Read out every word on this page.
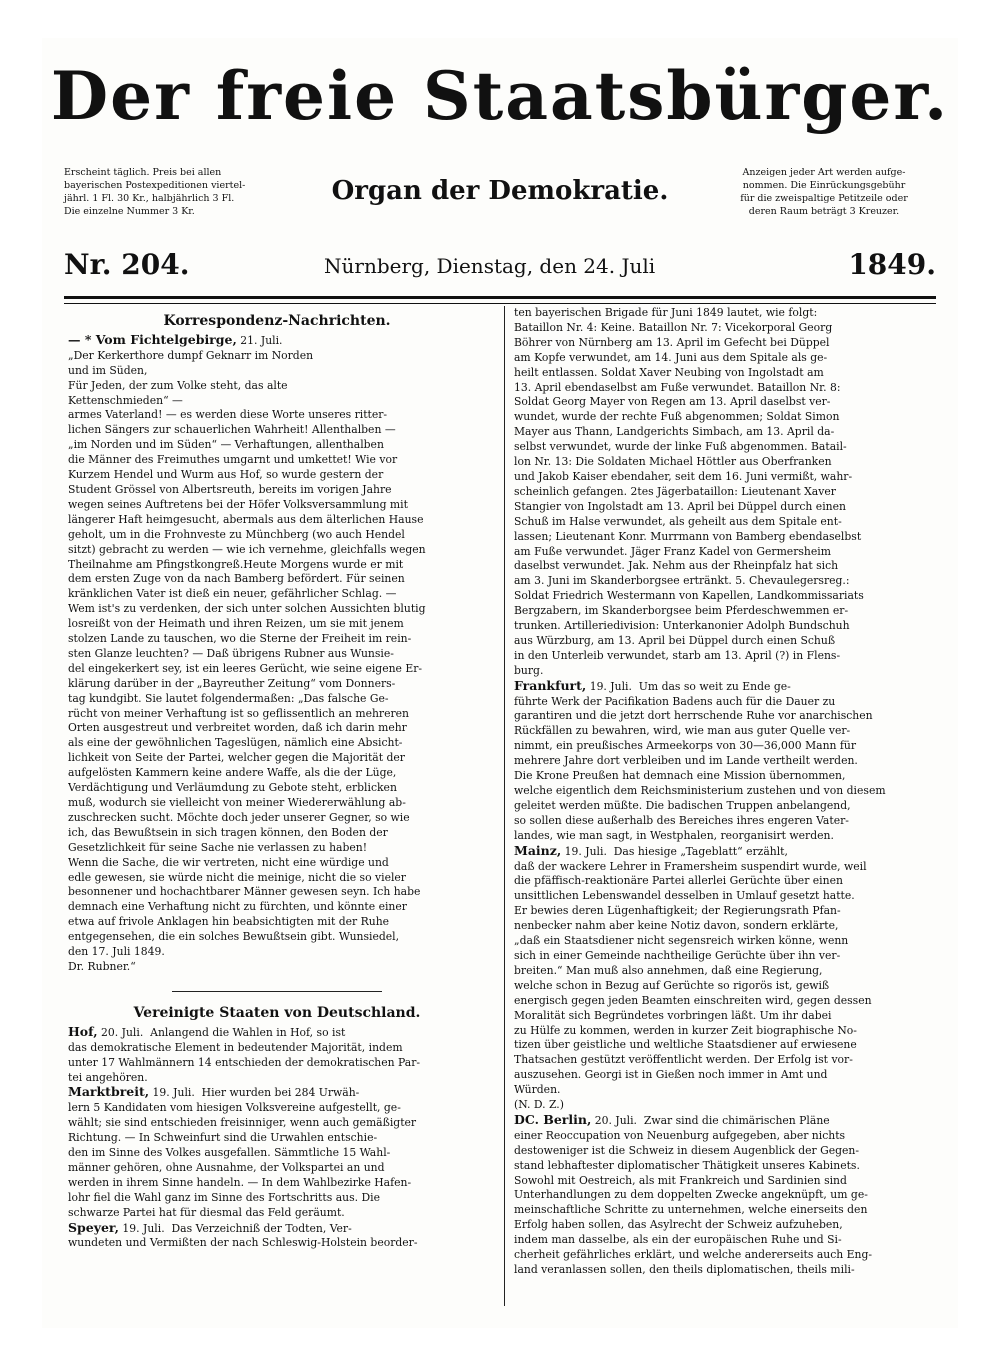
Der freie Staatsbürger.
Erscheint täglich. Preis bei allen
bayerischen Postexpeditionen viertel-
jährl. 1 Fl. 30 Kr., halbjährlich 3 Fl.
Die einzelne Nummer 3 Kr.
Organ der Demokratie.
Anzeigen jeder Art werden aufge-
nommen. Die Einrückungsgebühr
für die zweispaltige Petitzeile oder
deren Raum beträgt 3 Kreuzer.
Nr. 204.	Nürnberg, Dienstag, den 24. Juli	1849.
Korrespondenz-Nachrichten.
— * Vom Fichtelgebirge, 21. Juli.
„Der Kerkerthore dumpf Geknarr im Norden
und im Süden,
Für Jeden, der zum Volke steht, das alte
Kettenschmieden“ —
armes Vaterland! — es werden diese Worte unseres ritter-
lichen Sängers zur schauerlichen Wahrheit! Allenthalben —
„im Norden und im Süden“ — Verhaftungen, allenthalben
die Männer des Freimuthes umgarnt und umkettet! Wie vor
Kurzem Hendel und Wurm aus Hof, so wurde gestern der
Student Grössel von Albertsreuth, bereits im vorigen Jahre
wegen seines Auftretens bei der Höfer Volksversammlung mit
längerer Haft heimgesucht, abermals aus dem älterlichen Hause
geholt, um in die Frohnveste zu Münchberg (wo auch Hendel
sitzt) gebracht zu werden — wie ich vernehme, gleichfalls wegen
Theilnahme am Pfingstkongreß.Heute Morgens wurde er mit
dem ersten Zuge von da nach Bamberg befördert. Für seinen
kränklichen Vater ist dieß ein neuer, gefährlicher Schlag. —
Wem ist's zu verdenken, der sich unter solchen Aussichten blutig
losreißt von der Heimath und ihren Reizen, um sie mit jenem
stolzen Lande zu tauschen, wo die Sterne der Freiheit im rein-
sten Glanze leuchten? — Daß übrigens Rubner aus Wunsie-
del eingekerkert sey, ist ein leeres Gerücht, wie seine eigene Er-
klärung darüber in der „Bayreuther Zeitung“ vom Donners-
tag kundgibt. Sie lautet folgendermaßen: „Das falsche Ge-
rücht von meiner Verhaftung ist so geflissentlich an mehreren
Orten ausgestreut und verbreitet worden, daß ich darin mehr
als eine der gewöhnlichen Tageslügen, nämlich eine Absicht-
lichkeit von Seite der Partei, welcher gegen die Majorität der
aufgelösten Kammern keine andere Waffe, als die der Lüge,
Verdächtigung und Verläumdung zu Gebote steht, erblicken
muß, wodurch sie vielleicht von meiner Wiedererwählung ab-
zuschrecken sucht. Möchte doch jeder unserer Gegner, so wie
ich, das Bewußtsein in sich tragen können, den Boden der
Gesetzlichkeit für seine Sache nie verlassen zu haben!
Wenn die Sache, die wir vertreten, nicht eine würdige und
edle gewesen, sie würde nicht die meinige, nicht die so vieler
besonnener und hochachtbarer Männer gewesen seyn. Ich habe
demnach eine Verhaftung nicht zu fürchten, und könnte einer
etwa auf frivole Anklagen hin beabsichtigten mit der Ruhe
entgegensehen, die ein solches Bewußtsein gibt. Wunsiedel,
den 17. Juli 1849.
Dr. Rubner.“
Vereinigte Staaten von Deutschland.
Hof, 20. Juli. Anlangend die Wahlen in Hof, so ist
das demokratische Element in bedeutender Majorität, indem
unter 17 Wahlmännern 14 entschieden der demokratischen Par-
tei angehören.
Marktbreit, 19. Juli. Hier wurden bei 284 Urwäh-
lern 5 Kandidaten vom hiesigen Volksvereine aufgestellt, ge-
wählt; sie sind entschieden freisinniger, wenn auch gemäßigter
Richtung. — In Schweinfurt sind die Urwahlen entschie-
den im Sinne des Volkes ausgefallen. Sämmtliche 15 Wahl-
männer gehören, ohne Ausnahme, der Volkspartei an und
werden in ihrem Sinne handeln. — In dem Wahlbezirke Hafen-
lohr fiel die Wahl ganz im Sinne des Fortschritts aus. Die
schwarze Partei hat für diesmal das Feld geräumt.
Speyer, 19. Juli. Das Verzeichniß der Todten, Ver-
wundeten und Vermißten der nach Schleswig-Holstein beorder-
ten bayerischen Brigade für Juni 1849 lautet, wie folgt:
Bataillon Nr. 4: Keine. Bataillon Nr. 7: Vicekorporal Georg
Böhrer von Nürnberg am 13. April im Gefecht bei Düppel
am Kopfe verwundet, am 14. Juni aus dem Spitale als ge-
heilt entlassen. Soldat Xaver Neubing von Ingolstadt am
13. April ebendaselbst am Fuße verwundet. Bataillon Nr. 8:
Soldat Georg Mayer von Regen am 13. April daselbst ver-
wundet, wurde der rechte Fuß abgenommen; Soldat Simon
Mayer aus Thann, Landgerichts Simbach, am 13. April da-
selbst verwundet, wurde der linke Fuß abgenommen. Batail-
lon Nr. 13: Die Soldaten Michael Höttler aus Oberfranken
und Jakob Kaiser ebendaher, seit dem 16. Juni vermißt, wahr-
scheinlich gefangen. 2tes Jägerbataillon: Lieutenant Xaver
Stangier von Ingolstadt am 13. April bei Düppel durch einen
Schuß im Halse verwundet, als geheilt aus dem Spitale ent-
lassen; Lieutenant Konr. Murrmann von Bamberg ebendaselbst
am Fuße verwundet. Jäger Franz Kadel von Germersheim
daselbst verwundet. Jak. Nehm aus der Rheinpfalz hat sich
am 3. Juni im Skanderborgsee ertränkt. 5. Chevaulegersreg.:
Soldat Friedrich Westermann von Kapellen, Landkommissariats
Bergzabern, im Skanderborgsee beim Pferdeschwemmen er-
trunken. Artilleriedivision: Unterkanonier Adolph Bundschuh
aus Würzburg, am 13. April bei Düppel durch einen Schuß
in den Unterleib verwundet, starb am 13. April (?) in Flens-
burg.
Frankfurt, 19. Juli. Um das so weit zu Ende ge-
führte Werk der Pacifikation Badens auch für die Dauer zu
garantiren und die jetzt dort herrschende Ruhe vor anarchischen
Rückfällen zu bewahren, wird, wie man aus guter Quelle ver-
nimmt, ein preußisches Armeekorps von 30—36,000 Mann für
mehrere Jahre dort verbleiben und im Lande vertheilt werden.
Die Krone Preußen hat demnach eine Mission übernommen,
welche eigentlich dem Reichsministerium zustehen und von diesem
geleitet werden müßte. Die badischen Truppen anbelangend,
so sollen diese außerhalb des Bereiches ihres engeren Vater-
landes, wie man sagt, in Westphalen, reorganisirt werden.
Mainz, 19. Juli. Das hiesige „Tageblatt“ erzählt,
daß der wackere Lehrer in Framersheim suspendirt wurde, weil
die pfäffisch-reaktionäre Partei allerlei Gerüchte über einen
unsittlichen Lebenswandel desselben in Umlauf gesetzt hatte.
Er bewies deren Lügenhaftigkeit; der Regierungsrath Pfan-
nenbecker nahm aber keine Notiz davon, sondern erklärte,
„daß ein Staatsdiener nicht segensreich wirken könne, wenn
sich in einer Gemeinde nachtheilige Gerüchte über ihn ver-
breiten.“ Man muß also annehmen, daß eine Regierung,
welche schon in Bezug auf Gerüchte so rigorös ist, gewiß
energisch gegen jeden Beamten einschreiten wird, gegen dessen
Moralität sich Begründetes vorbringen läßt. Um ihr dabei
zu Hülfe zu kommen, werden in kurzer Zeit biographische No-
tizen über geistliche und weltliche Staatsdiener auf erwiesene
Thatsachen gestützt veröffentlicht werden. Der Erfolg ist vor-
auszusehen. Georgi ist in Gießen noch immer in Amt und
Würden.
(N. D. Z.)
DC. Berlin, 20. Juli. Zwar sind die chimärischen Pläne
einer Reoccupation von Neuenburg aufgegeben, aber nichts
destoweniger ist die Schweiz in diesem Augenblick der Gegen-
stand lebhaftester diplomatischer Thätigkeit unseres Kabinets.
Sowohl mit Oestreich, als mit Frankreich und Sardinien sind
Unterhandlungen zu dem doppelten Zwecke angeknüpft, um ge-
meinschaftliche Schritte zu unternehmen, welche einerseits den
Erfolg haben sollen, das Asylrecht der Schweiz aufzuheben,
indem man dasselbe, als ein der europäischen Ruhe und Si-
cherheit gefährliches erklärt, und welche andererseits auch Eng-
land veranlassen sollen, den theils diplomatischen, theils mili-
